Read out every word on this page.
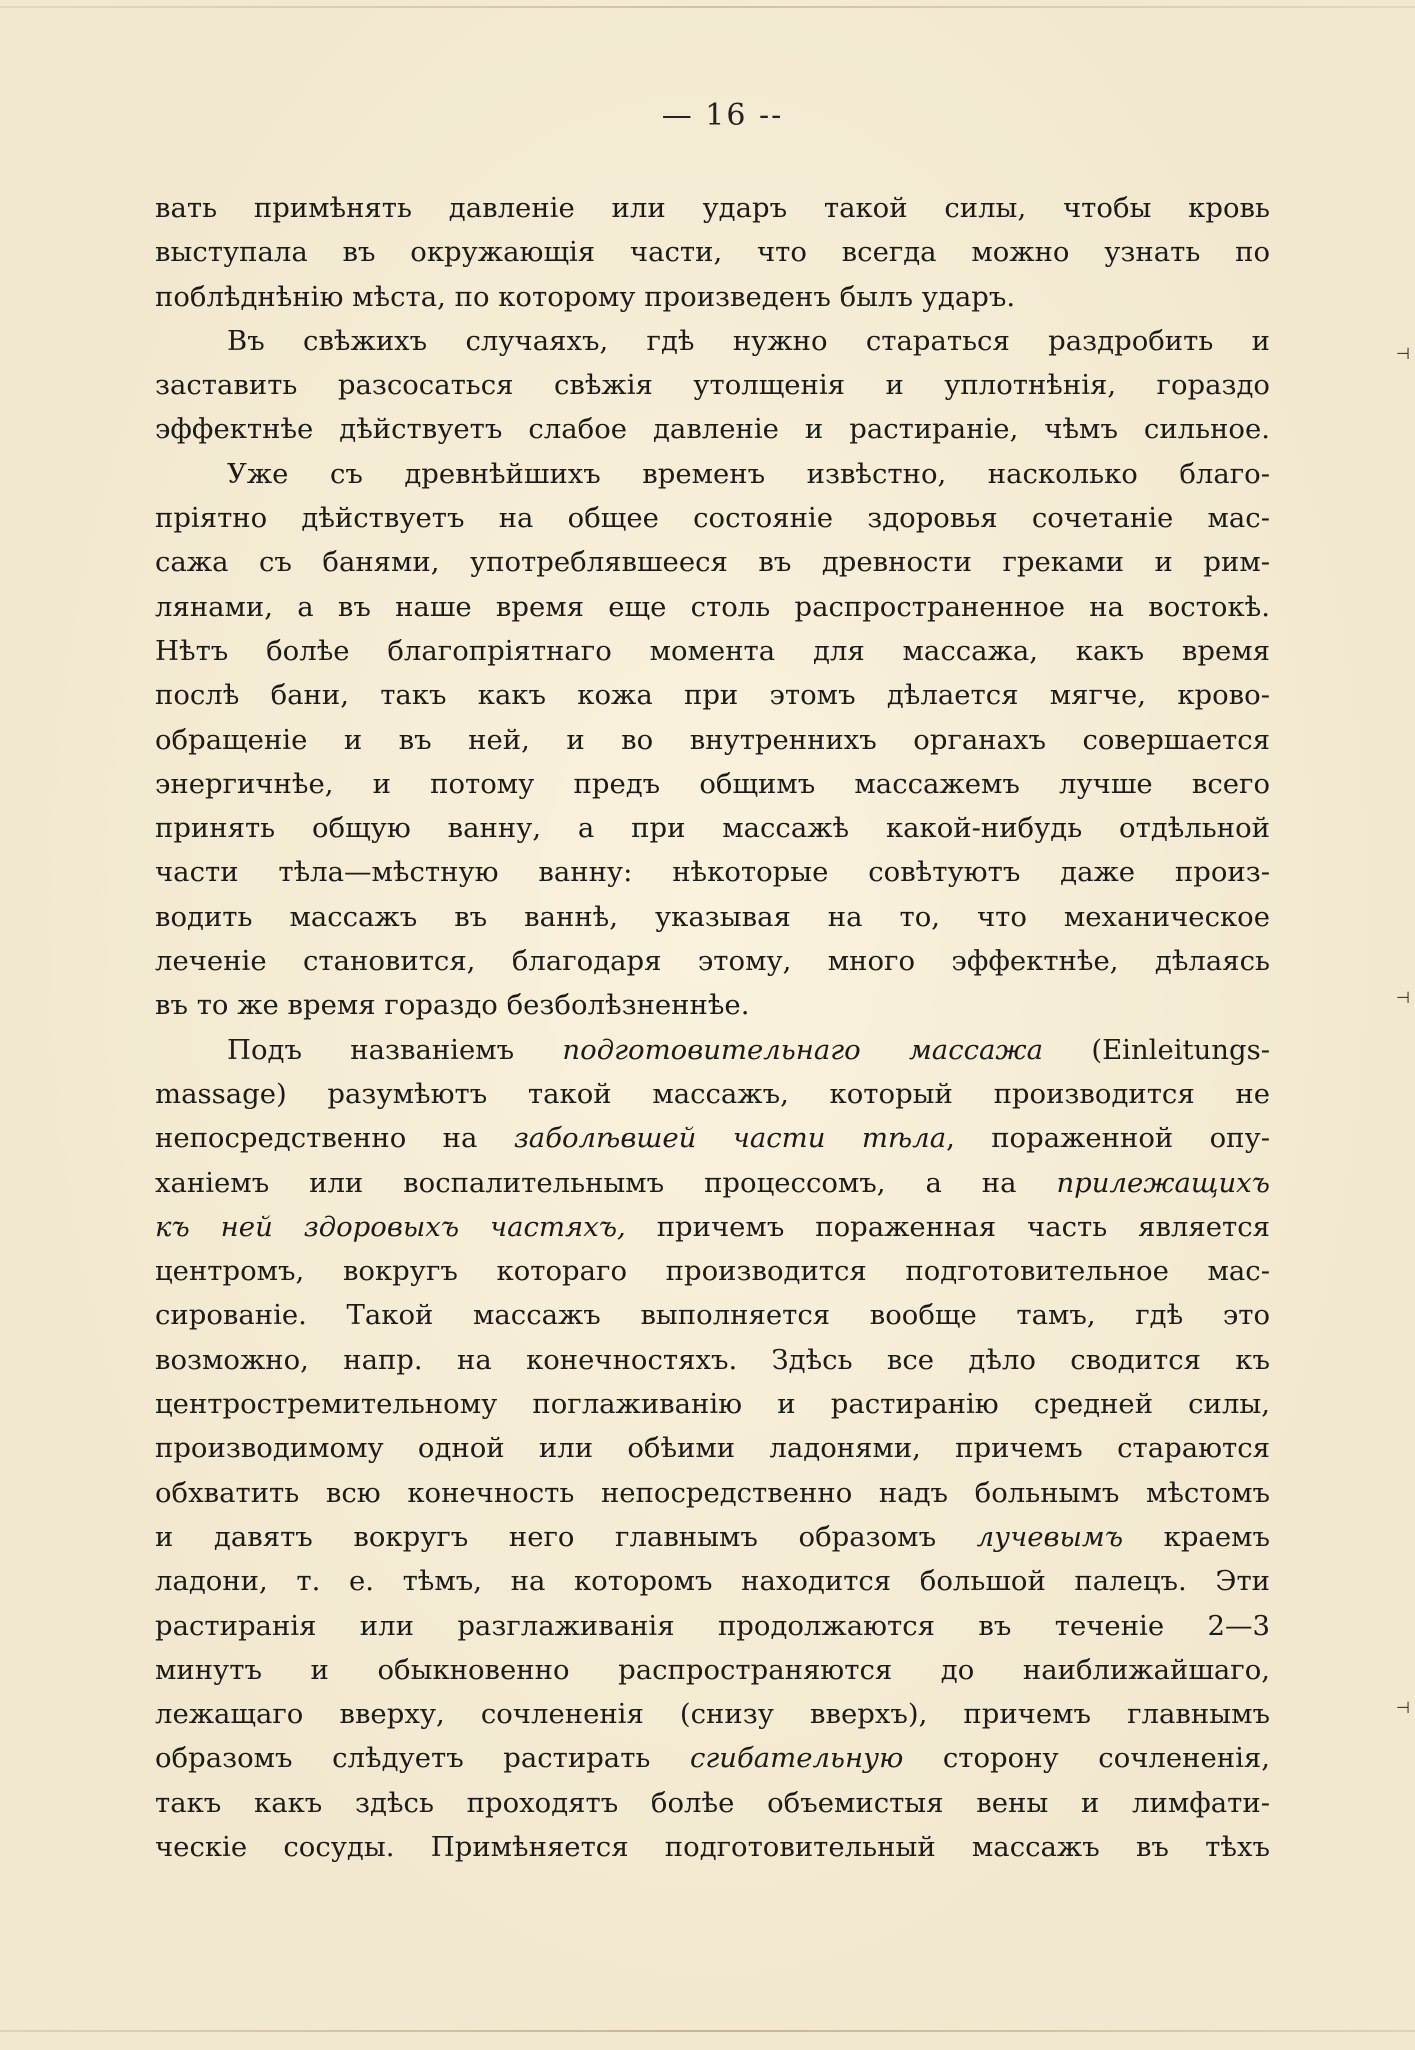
— 16 --
вать примѣнять давленіе или ударъ такой силы, чтобы кровь
выступала въ окружающія части, что всегда можно узнать по
поблѣднѣнію мѣста, по которому произведенъ былъ ударъ.
Въ свѣжихъ случаяхъ, гдѣ нужно стараться раздробить и
заставить разсосаться свѣжія утолщенія и уплотнѣнія, гораздо
эффектнѣе дѣйствуетъ слабое давленіе и растираніе, чѣмъ сильное.
Уже съ древнѣйшихъ временъ извѣстно, насколько благо-
пріятно дѣйствуетъ на общее состояніе здоровья сочетаніе мас-
сажа съ банями, употреблявшееся въ древности греками и рим-
лянами, а въ наше время еще столь распространенное на востокѣ.
Нѣтъ болѣе благопріятнаго момента для массажа, какъ время
послѣ бани, такъ какъ кожа при этомъ дѣлается мягче, крово-
обращеніе и въ ней, и во внутреннихъ органахъ совершается
энергичнѣе, и потому предъ общимъ массажемъ лучше всего
принять общую ванну, а при массажѣ какой-нибудь отдѣльной
части тѣла—мѣстную ванну: нѣкоторые совѣтуютъ даже произ-
водить массажъ въ ваннѣ, указывая на то, что механическое
леченіе становится, благодаря этому, много эффектнѣе, дѣлаясь
въ то же время гораздо безболѣзненнѣе.
Подъ названіемъ подготовительнаго массажа (Einleitungs-
massage) разумѣютъ такой массажъ, который производится не
непосредственно на заболѣвшей части тѣла, пораженной опу-
ханіемъ или воспалительнымъ процессомъ, а на прилежащихъ
къ ней здоровыхъ частяхъ, причемъ пораженная часть является
центромъ, вокругъ котораго производится подготовительное мас-
сированіе. Такой массажъ выполняется вообще тамъ, гдѣ это
возможно, напр. на конечностяхъ. Здѣсь все дѣло сводится къ
центростремительному поглаживанію и растиранію средней силы,
производимому одной или обѣими ладонями, причемъ стараются
обхватить всю конечность непосредственно надъ больнымъ мѣстомъ
и давятъ вокругъ него главнымъ образомъ лучевымъ краемъ
ладони, т. е. тѣмъ, на которомъ находится большой палецъ. Эти
растиранія или разглаживанія продолжаются въ теченіе 2—3
минутъ и обыкновенно распространяются до наиближайшаго,
лежащаго вверху, сочлененія (снизу вверхъ), причемъ главнымъ
образомъ слѣдуетъ растирать сгибательную сторону сочлененія,
такъ какъ здѣсь проходятъ болѣе объемистыя вены и лимфати-
ческіе сосуды. Примѣняется подготовительный массажъ въ тѣхъ
⊣
⊣
⊣
